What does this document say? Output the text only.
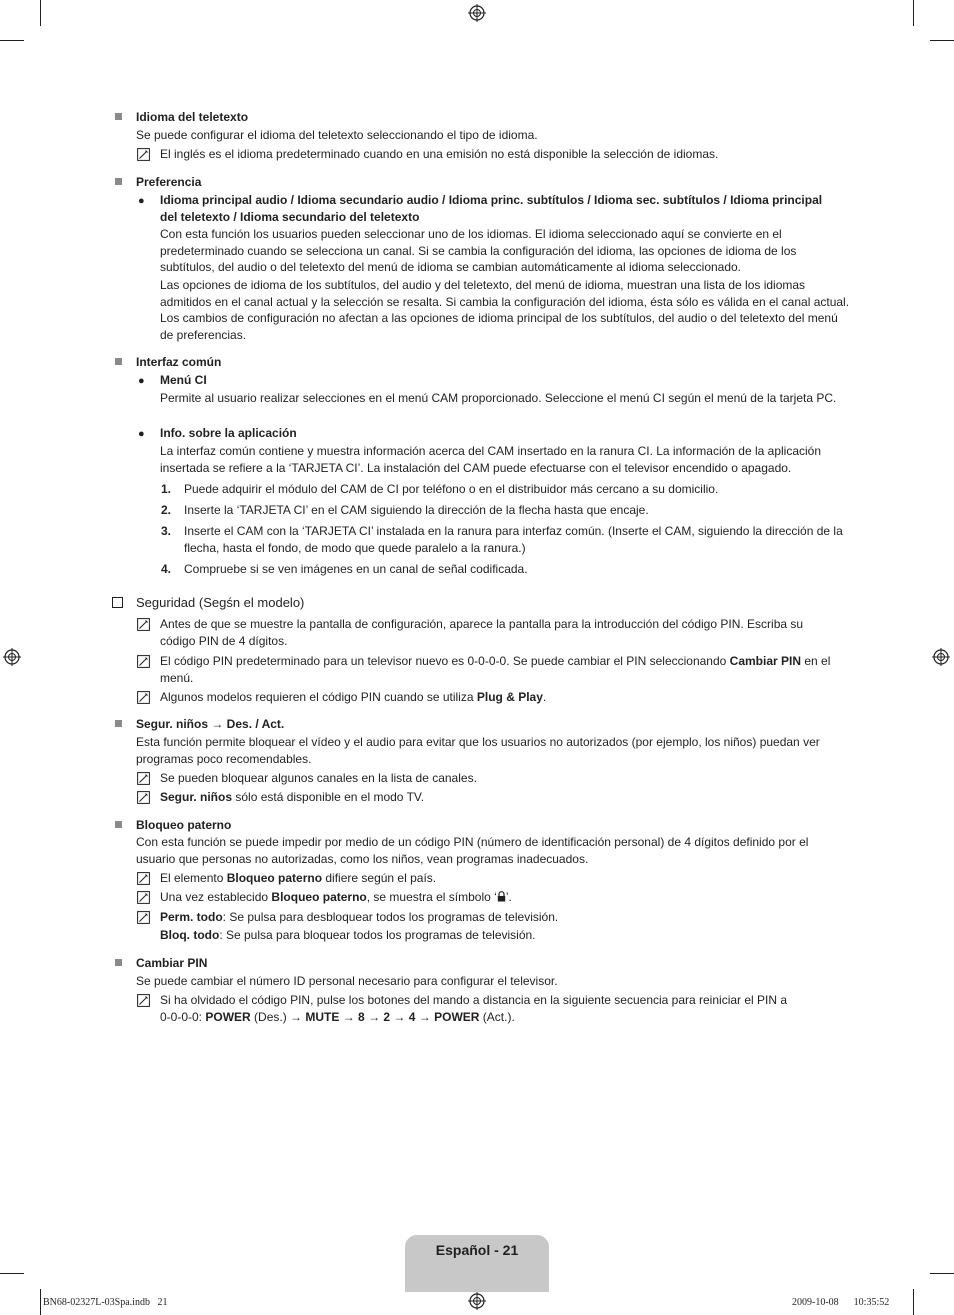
Idioma del teletexto
Se puede configurar el idioma del teletexto seleccionando el tipo de idioma.
El inglés es el idioma predeterminado cuando en una emisión no está disponible la selección de idiomas.
Preferencia
● Idioma principal audio / Idioma secundario audio / Idioma princ. subtítulos / Idioma sec. subtítulos / Idioma principal
del teletexto / Idioma secundario del teletexto
Con esta función los usuarios pueden seleccionar uno de los idiomas. El idioma seleccionado aquí se convierte en el predeterminado cuando se selecciona un canal. Si se cambia la configuración del idioma, las opciones de idioma de los subtítulos, del audio o del teletexto del menú de idioma se cambian automáticamente al idioma seleccionado.
Las opciones de idioma de los subtítulos, del audio y del teletexto, del menú de idioma, muestran una lista de los idiomas admitidos en el canal actual y la selección se resalta. Si cambia la configuración del idioma, ésta sólo es válida en el canal actual. Los cambios de configuración no afectan a las opciones de idioma principal de los subtítulos, del audio o del teletexto del menú de preferencias.
Interfaz común
● Menú CI
Permite al usuario realizar selecciones en el menú CAM proporcionado. Seleccione el menú CI según el menú de la tarjeta PC.
● Info. sobre la aplicación
La interfaz común contiene y muestra información acerca del CAM insertado en la ranura CI. La información de la aplicación insertada se refiere a la ‘TARJETA CI’. La instalación del CAM puede efectuarse con el televisor encendido o apagado.
1. Puede adquirir el módulo del CAM de CI por teléfono o en el distribuidor más cercano a su domicilio.
2. Inserte la ‘TARJETA CI’ en el CAM siguiendo la dirección de la flecha hasta que encaje.
3. Inserte el CAM con la ‘TARJETA CI’ instalada en la ranura para interfaz común. (Inserte el CAM, siguiendo la dirección de la flecha, hasta el fondo, de modo que quede paralelo a la ranura.)
4. Compruebe si se ven imágenes en un canal de señal codificada.
Seguridad (Segśn el modelo)
Antes de que se muestre la pantalla de configuración, aparece la pantalla para la introducción del código PIN. Escriba su código PIN de 4 dígitos.
El código PIN predeterminado para un televisor nuevo es 0-0-0-0. Se puede cambiar el PIN seleccionando Cambiar PIN en el menú.
Algunos modelos requieren el código PIN cuando se utiliza Plug & Play.
Segur. niños → Des. / Act.
Esta función permite bloquear el vídeo y el audio para evitar que los usuarios no autorizados (por ejemplo, los niños) puedan ver programas poco recomendables.
Se pueden bloquear algunos canales en la lista de canales.
Segur. niños sólo está disponible en el modo TV.
Bloqueo paterno
Con esta función se puede impedir por medio de un código PIN (número de identificación personal) de 4 dígitos definido por el usuario que personas no autorizadas, como los niños, vean programas inadecuados.
El elemento Bloqueo paterno difiere según el país.
Una vez establecido Bloqueo paterno, se muestra el símbolo ‘ ’.
Perm. todo: Se pulsa para desbloquear todos los programas de televisión.
Bloq. todo: Se pulsa para bloquear todos los programas de televisión.
Cambiar PIN
Se puede cambiar el número ID personal necesario para configurar el televisor.
Si ha olvidado el código PIN, pulse los botones del mando a distancia en la siguiente secuencia para reiniciar el PIN a
0-0-0-0: POWER (Des.) → MUTE → 8 → 2 → 4 → POWER (Act.).
Español - 21
BN68-02327L-03Spa.indb   21	2009-10-08      10:35:52
